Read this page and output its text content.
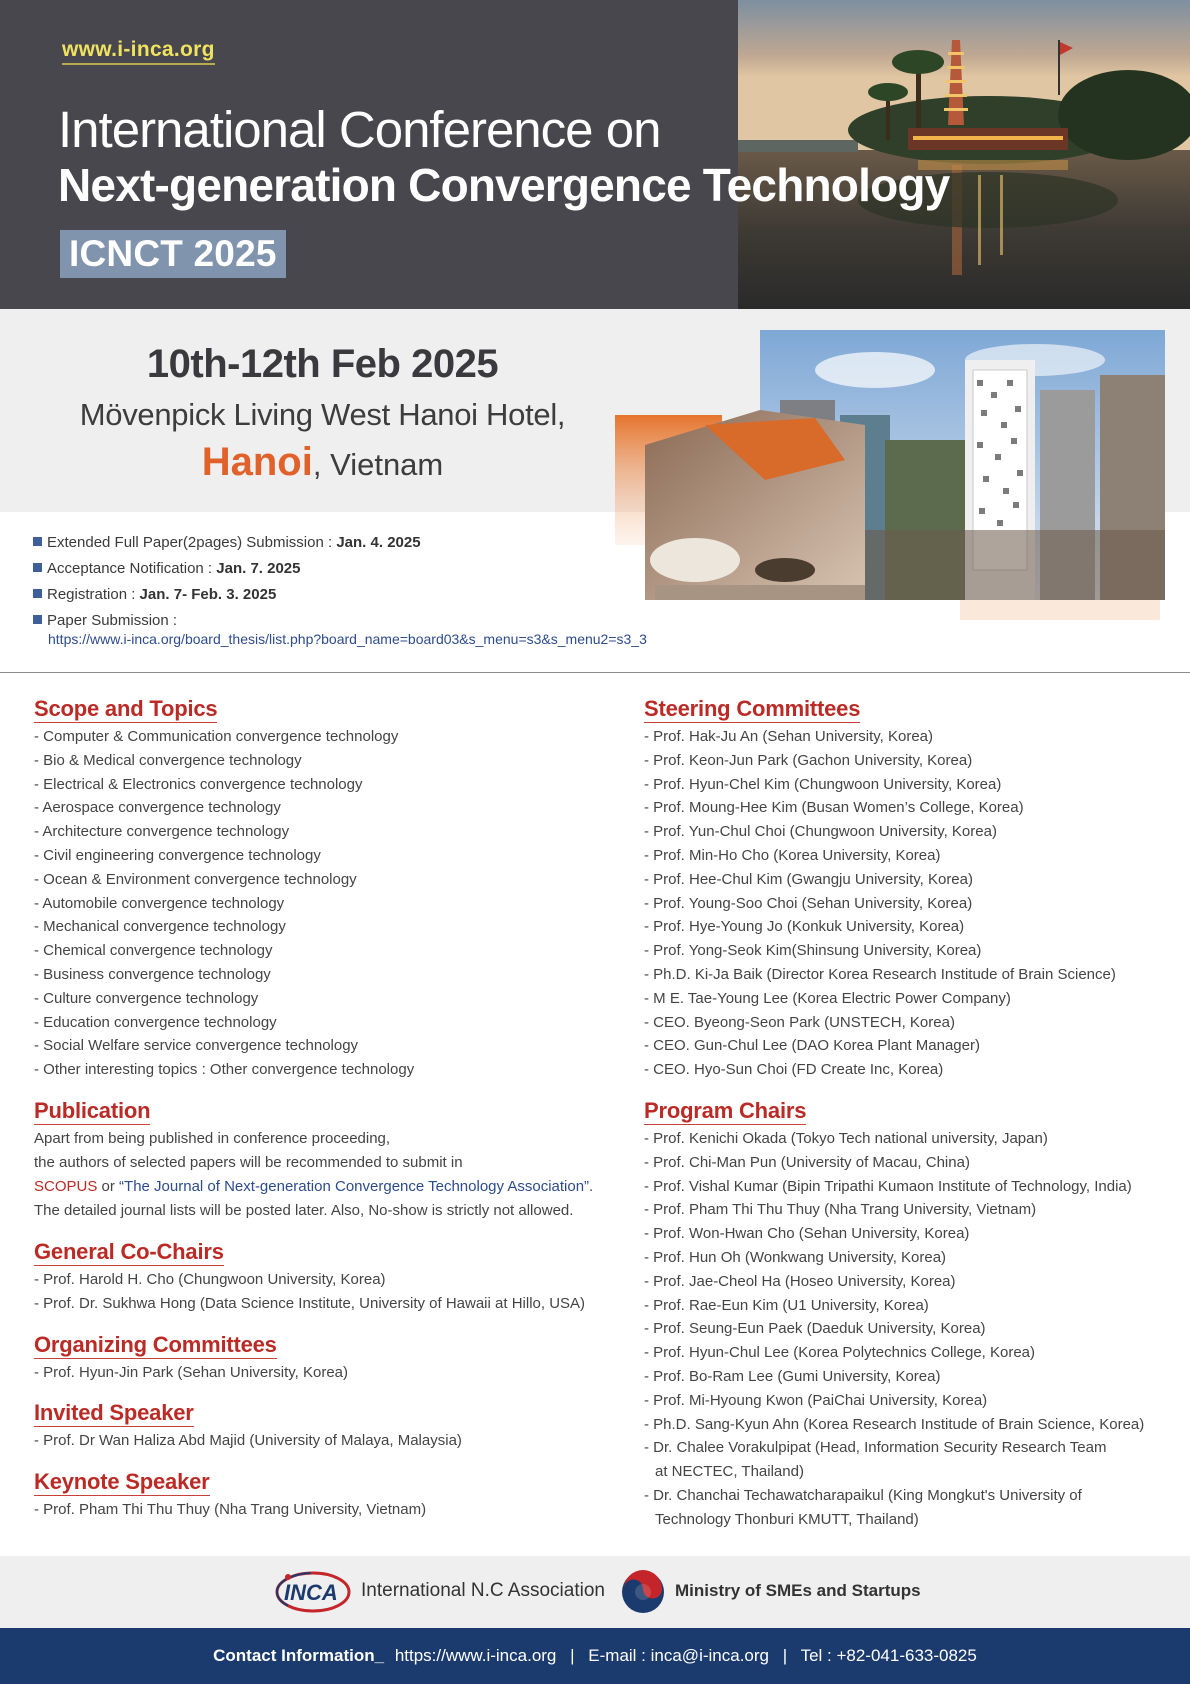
www.i-inca.org
International Conference on
Next-generation Convergence Technology
ICNCT 2025
10th-12th Feb 2025
Mövenpick Living West Hanoi Hotel,
Hanoi, Vietnam
Extended Full Paper(2pages) Submission : Jan. 4. 2025
Acceptance Notification : Jan. 7. 2025
Registration : Jan. 7- Feb. 3. 2025
Paper Submission :
https://www.i-inca.org/board_thesis/list.php?board_name=board03&s_menu=s3&s_menu2=s3_3
Scope and Topics
- Computer & Communication convergence technology
- Bio & Medical convergence technology
- Electrical & Electronics convergence technology
- Aerospace convergence technology
- Architecture convergence technology
- Civil engineering convergence technology
- Ocean & Environment convergence technology
- Automobile convergence technology
- Mechanical convergence technology
- Chemical convergence technology
- Business convergence technology
- Culture convergence technology
- Education convergence technology
- Social Welfare service convergence technology
- Other interesting topics : Other convergence technology
Publication

Apart from being published in conference proceeding,

the authors of selected papers will be recommended to submit in

SCOPUS or “The Journal of Next-generation Convergence Technology Association”.

The detailed journal lists will be posted later. Also, No-show is strictly not allowed.

General Co-Chairs
- Prof. Harold H. Cho (Chungwoon University, Korea)
- Prof. Dr. Sukhwa Hong (Data Science Institute, University of Hawaii at Hillo, USA)
Organizing Committees
- Prof. Hyun-Jin Park (Sehan University, Korea)
Invited Speaker
- Prof. Dr Wan Haliza Abd Majid (University of Malaya, Malaysia)
Keynote Speaker
- Prof. Pham Thi Thu Thuy (Nha Trang University, Vietnam)
Steering Committees
- Prof. Hak-Ju An (Sehan University, Korea)
- Prof. Keon-Jun Park (Gachon University, Korea)
- Prof. Hyun-Chel Kim (Chungwoon University, Korea)
- Prof. Moung-Hee Kim (Busan Women’s College, Korea)
- Prof. Yun-Chul Choi (Chungwoon University, Korea)
- Prof. Min-Ho Cho (Korea University, Korea)
- Prof. Hee-Chul Kim (Gwangju University, Korea)
- Prof. Young-Soo Choi (Sehan University, Korea)
- Prof. Hye-Young Jo (Konkuk University, Korea)
- Prof. Yong-Seok Kim(Shinsung University, Korea)
- Ph.D. Ki-Ja Baik (Director Korea Research Institude of Brain Science)
- M E. Tae-Young Lee (Korea Electric Power Company)
- CEO. Byeong-Seon Park (UNSTECH, Korea)
- CEO. Gun-Chul Lee (DAO Korea Plant Manager)
- CEO. Hyo-Sun Choi (FD Create Inc, Korea)
Program Chairs
- Prof. Kenichi Okada (Tokyo Tech national university, Japan)
- Prof. Chi-Man Pun (University of Macau, China)
- Prof. Vishal Kumar (Bipin Tripathi Kumaon Institute of Technology, India)
- Prof. Pham Thi Thu Thuy (Nha Trang University, Vietnam)
- Prof. Won-Hwan Cho (Sehan University, Korea)
- Prof. Hun Oh (Wonkwang University, Korea)
- Prof. Jae-Cheol Ha (Hoseo University, Korea)
- Prof. Rae-Eun Kim (U1 University, Korea)
- Prof. Seung-Eun Paek (Daeduk University, Korea)
- Prof. Hyun-Chul Lee (Korea Polytechnics College, Korea)
- Prof. Bo-Ram Lee (Gumi University, Korea)
- Prof. Mi-Hyoung Kwon (PaiChai University, Korea)
- Ph.D. Sang-Kyun Ahn (Korea Research Institude of Brain Science, Korea)
- Dr. Chalee Vorakulpipat (Head, Information Security Research Team
at NECTEC, Thailand)
- Dr. Chanchai Techawatcharapaikul (King Mongkut's University of
Technology Thonburi KMUTT, Thailand)
INCA International N.C Association	Ministry of SMEs and Startups
Contact Information_ https://www.i-inca.org | E-mail : inca@i-inca.org | Tel : +82-041-633-0825
